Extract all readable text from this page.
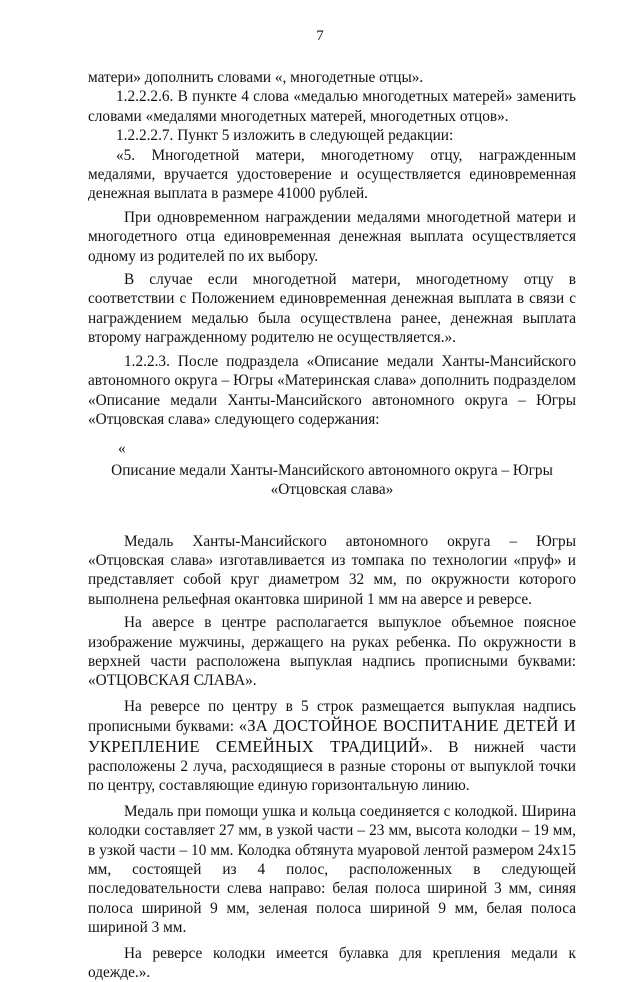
7

матери» дополнить словами «, многодетные отцы».

1.2.2.2.6. В пункте 4 слова «медалью многодетных матерей» заменить словами «медалями многодетных матерей, многодетных отцов».

1.2.2.2.7. Пункт 5 изложить в следующей редакции:

«5. Многодетной матери, многодетному отцу, награжденным медалями, вручается удостоверение и осуществляется единовременная денежная выплата в размере 41000 рублей.

При одновременном награждении медалями многодетной матери и многодетного отца единовременная денежная выплата осуществляется одному из родителей по их выбору.

В случае если многодетной матери, многодетному отцу в соответствии с Положением единовременная денежная выплата в связи с награждением медалью была осуществлена ранее, денежная выплата второму награжденному родителю не осуществляется.».

1.2.2.3. После подраздела «Описание медали Ханты-Мансийского автономного округа – Югры «Материнская слава» дополнить подразделом «Описание медали Ханты-Мансийского автономного округа – Югры «Отцовская слава» следующего содержания:

«

Описание медали Ханты-Мансийского автономного округа – Югры
«Отцовская слава»

Медаль Ханты-Мансийского автономного округа – Югры «Отцовская слава» изготавливается из томпака по технологии «пруф» и представляет собой круг диаметром 32 мм, по окружности которого выполнена рельефная окантовка шириной 1 мм на аверсе и реверсе.

На аверсе в центре располагается выпуклое объемное поясное изображение мужчины, держащего на руках ребенка. По окружности в верхней части расположена выпуклая надпись прописными буквами: «ОТЦОВСКАЯ СЛАВА».

На реверсе по центру в 5 строк размещается выпуклая надпись прописными буквами: «ЗА ДОСТОЙНОЕ ВОСПИТАНИЕ ДЕТЕЙ И УКРЕПЛЕНИЕ СЕМЕЙНЫХ ТРАДИЦИЙ». В нижней части расположены 2 луча, расходящиеся в разные стороны от выпуклой точки по центру, составляющие единую горизонтальную линию.

Медаль при помощи ушка и кольца соединяется с колодкой. Ширина колодки составляет 27 мм, в узкой части – 23 мм, высота колодки – 19 мм, в узкой части – 10 мм. Колодка обтянута муаровой лентой размером 24х15 мм, состоящей из 4 полос, расположенных в следующей последовательности слева направо: белая полоса шириной 3 мм, синяя полоса шириной 9 мм, зеленая полоса шириной 9 мм, белая полоса шириной 3 мм.

На реверсе колодки имеется булавка для крепления медали к одежде.».
